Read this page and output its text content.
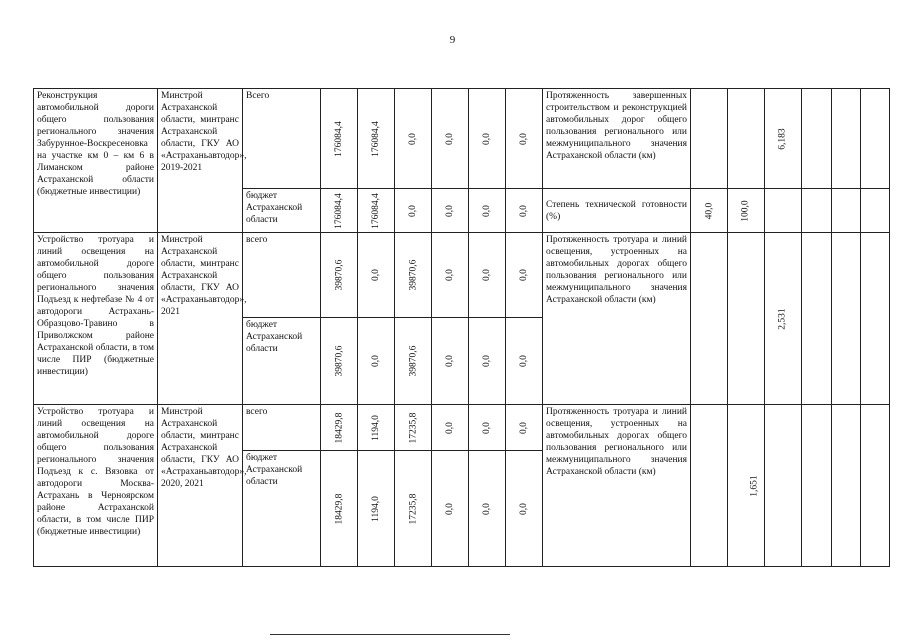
9
Реконструкция автомобильной дороги общего пользования регионального значения Забурунное-Воскресеновка на участке км 0 – км 6 в Лиманском районе Астраханской области (бюджетные инвестиции)	Минстрой Астраханской области, минтранс Астраханской области, ГКУ АО «Астраханьавтодор», 2019-2021	Всего	176084,4	176084,4	0,0	0,0	0,0	0,0	Протяженность завершенных строительством и реконструкцией автомобильных дорог общего пользования регионального или межмуниципального значения Астраханской области (км)			6,183			

		бюджет Астраханской области	176084,4	176084,4	0,0	0,0	0,0	0,0	Степень технической готовности (%)	40,0	100,0				

Устройство тротуара и линий освещения на автомобильной дороге общего пользования регионального значения Подъезд к нефтебазе № 4 от автодороги Астрахань-Образцово-Травино в Приволжском районе Астраханской области, в том числе ПИР (бюджетные инвестиции)	Минстрой Астраханской области, минтранс Астраханской области, ГКУ АО «Астраханьавтодор», 2021	всего	39870,6	0,0	39870,6	0,0	0,0	0,0	Протяженность тротуара и линий освещения, устроенных на автомобильных дорогах общего пользования регионального или межмуниципального значения Астраханской области (км)			2,531			

		бюджет Астраханской области	39870,6	0,0	39870,6	0,0	0,0	0,0							

Устройство тротуара и линий освещения на автомобильной дороге общего пользования регионального значения Подъезд к с. Вязовка от автодороги Москва-Астрахань в Черноярском районе Астраханской области, в том числе ПИР (бюджетные инвестиции)	Минстрой Астраханской области, минтранс Астраханской области, ГКУ АО «Астраханьавтодор», 2020, 2021	всего	18429,8	1194,0	17235,8	0,0	0,0	0,0	Протяженность тротуара и линий освещения, устроенных на автомобильных дорогах общего пользования регионального или межмуниципального значения Астраханской области (км)			1,651			

		бюджет Астраханской области	18429,8	1194,0	17235,8	0,0	0,0	0,0							
